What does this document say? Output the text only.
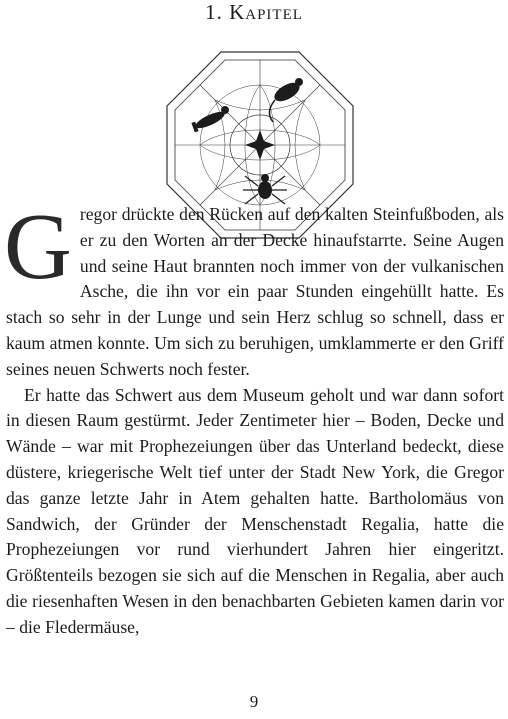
1. Kapitel

Gregor drückte den Rücken auf den kalten Steinfußboden, als er zu den Worten an der Decke hinaufstarrte. Seine Augen und seine Haut brannten noch immer von der vulkanischen Asche, die ihn vor ein paar Stunden eingehüllt hatte. Es stach so sehr in der Lunge und sein Herz schlug so schnell, dass er kaum atmen konnte. Um sich zu beruhigen, umklammerte er den Griff seines neuen Schwerts noch fester.

Er hatte das Schwert aus dem Museum geholt und war dann sofort in diesen Raum gestürmt. Jeder Zentimeter hier – Boden, Decke und Wände – war mit Prophezeiungen über das Unterland bedeckt, diese düstere, kriegerische Welt tief unter der Stadt New York, die Gregor das ganze letzte Jahr in Atem gehalten hatte. Bartholomäus von Sandwich, der Gründer der Menschenstadt Regalia, hatte die Prophezeiungen vor rund vierhundert Jahren hier eingeritzt. Größtenteils bezogen sie sich auf die Menschen in Regalia, aber auch die riesenhaften Wesen in den benachbarten Gebieten kamen darin vor – die Fledermäuse,

9
